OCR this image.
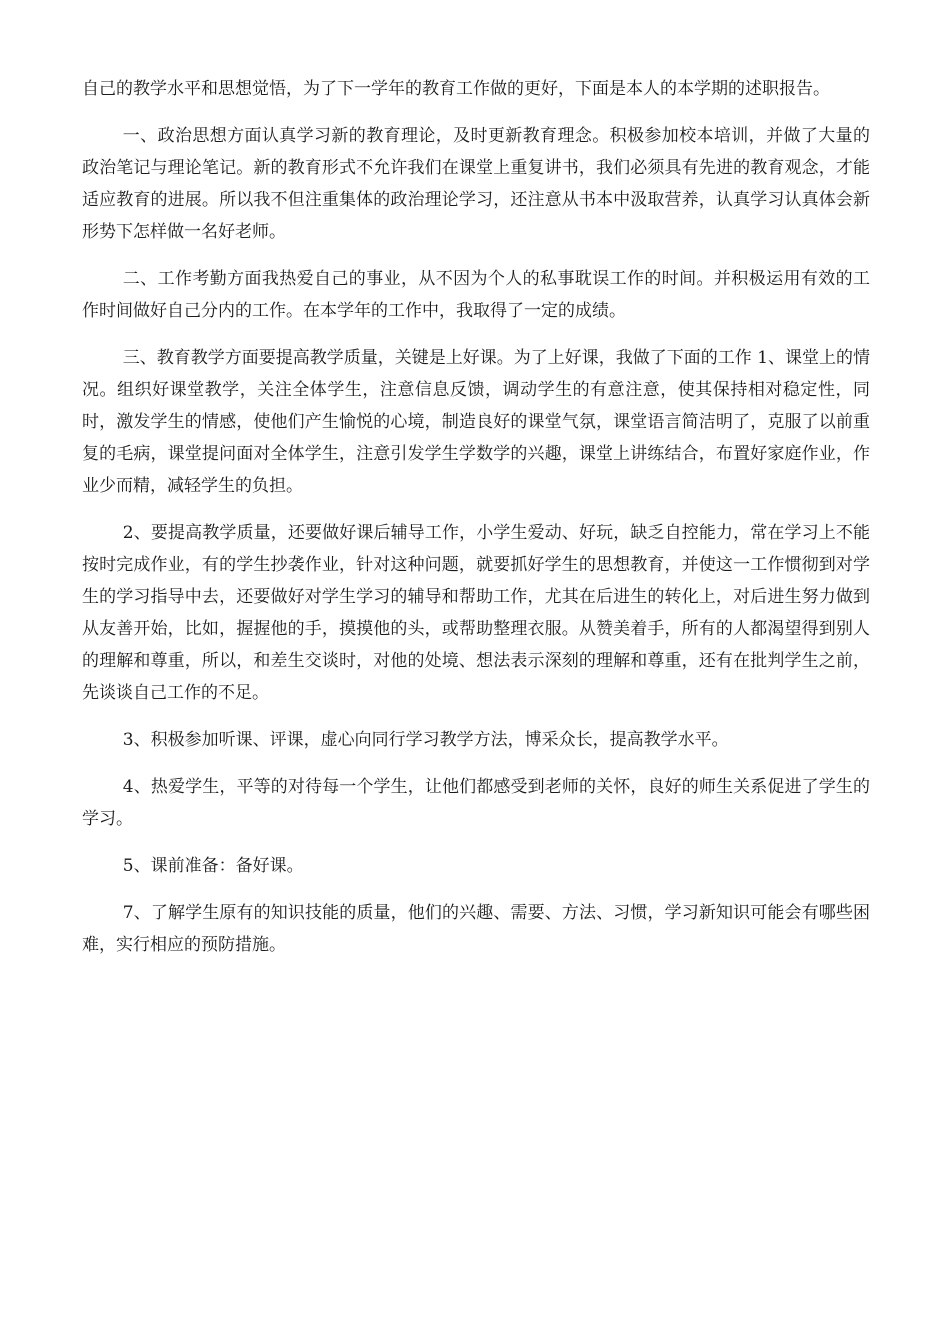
自己的教学水平和思想觉悟，为了下一学年的教育工作做的更好，下面是本人的本学期的述职报告。

一、政治思想方面认真学习新的教育理论，及时更新教育理念。积极参加校本培训，并做了大量的政治笔记与理论笔记。新的教育形式不允许我们在课堂上重复讲书，我们必须具有先进的教育观念，才能适应教育的进展。所以我不但注重集体的政治理论学习，还注意从书本中汲取营养，认真学习认真体会新形势下怎样做一名好老师。

二、工作考勤方面我热爱自己的事业，从不因为个人的私事耽误工作的时间。并积极运用有效的工作时间做好自己分内的工作。在本学年的工作中，我取得了一定的成绩。

三、教育教学方面要提高教学质量，关键是上好课。为了上好课，我做了下面的工作 1、课堂上的情况。组织好课堂教学，关注全体学生，注意信息反馈，调动学生的有意注意，使其保持相对稳定性，同时，激发学生的情感，使他们产生愉悦的心境，制造良好的课堂气氛，课堂语言简洁明了，克服了以前重复的毛病，课堂提问面对全体学生，注意引发学生学数学的兴趣，课堂上讲练结合，布置好家庭作业，作业少而精，减轻学生的负担。

2、要提高教学质量，还要做好课后辅导工作，小学生爱动、好玩，缺乏自控能力，常在学习上不能按时完成作业，有的学生抄袭作业，针对这种问题，就要抓好学生的思想教育，并使这一工作惯彻到对学生的学习指导中去，还要做好对学生学习的辅导和帮助工作，尤其在后进生的转化上，对后进生努力做到从友善开始，比如，握握他的手，摸摸他的头，或帮助整理衣服。从赞美着手，所有的人都渴望得到别人的理解和尊重，所以，和差生交谈时，对他的处境、想法表示深刻的理解和尊重，还有在批判学生之前，先谈谈自己工作的不足。

3、积极参加听课、评课，虚心向同行学习教学方法，博采众长，提高教学水平。

4、热爱学生，平等的对待每一个学生，让他们都感受到老师的关怀，良好的师生关系促进了学生的学习。

5、课前准备：备好课。

7、了解学生原有的知识技能的质量，他们的兴趣、需要、方法、习惯，学习新知识可能会有哪些困难，实行相应的预防措施。
